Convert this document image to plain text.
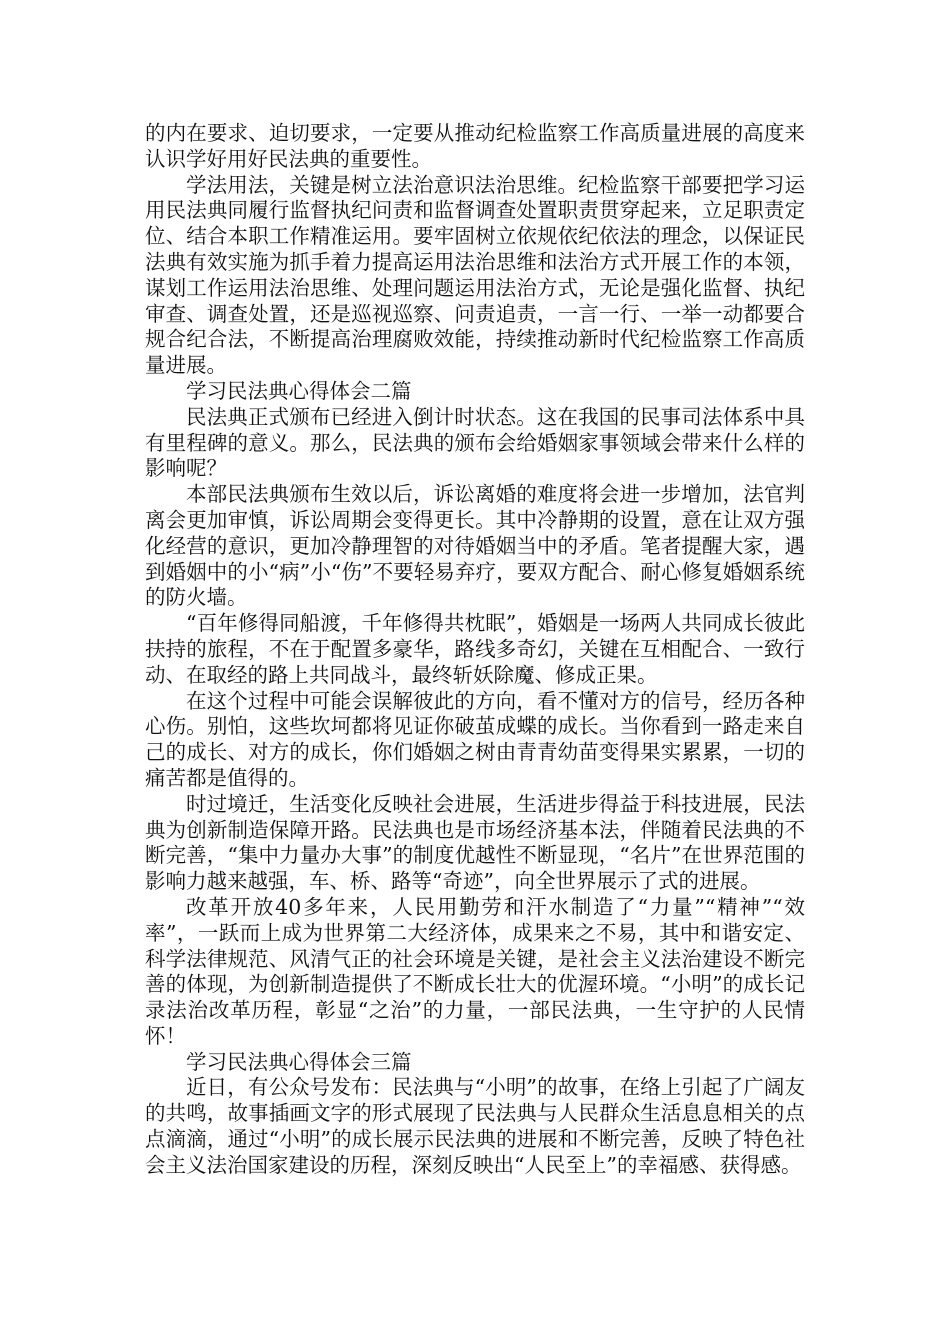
的内在要求、迫切要求，一定要从推动纪检监察工作高质量进展的高度来认识学好用好民法典的重要性。

学法用法，关键是树立法治意识法治思维。纪检监察干部要把学习运用民法典同履行监督执纪问责和监督调查处置职责贯穿起来，立足职责定位、结合本职工作精准运用。要牢固树立依规依纪依法的理念，以保证民法典有效实施为抓手着力提高运用法治思维和法治方式开展工作的本领，谋划工作运用法治思维、处理问题运用法治方式，无论是强化监督、执纪审查、调查处置，还是巡视巡察、问责追责，一言一行、一举一动都要合规合纪合法，不断提高治理腐败效能，持续推动新时代纪检监察工作高质量进展。

学习民法典心得体会二篇

民法典正式颁布已经进入倒计时状态。这在我国的民事司法体系中具有里程碑的意义。那么，民法典的颁布会给婚姻家事领域会带来什么样的影响呢？

本部民法典颁布生效以后，诉讼离婚的难度将会进一步增加，法官判离会更加审慎，诉讼周期会变得更长。其中冷静期的设置，意在让双方强化经营的意识，更加冷静理智的对待婚姻当中的矛盾。笔者提醒大家，遇到婚姻中的小“病”小“伤”不要轻易弃疗，要双方配合、耐心修复婚姻系统的防火墙。

“百年修得同船渡，千年修得共枕眠”，婚姻是一场两人共同成长彼此扶持的旅程，不在于配置多豪华，路线多奇幻，关键在互相配合、一致行动、在取经的路上共同战斗，最终斩妖除魔、修成正果。

在这个过程中可能会误解彼此的方向，看不懂对方的信号，经历各种心伤。别怕，这些坎坷都将见证你破茧成蝶的成长。当你看到一路走来自己的成长、对方的成长，你们婚姻之树由青青幼苗变得果实累累，一切的痛苦都是值得的。

时过境迁，生活变化反映社会进展，生活进步得益于科技进展，民法典为创新制造保障开路。民法典也是市场经济基本法，伴随着民法典的不断完善，“集中力量办大事”的制度优越性不断显现，“名片”在世界范围的影响力越来越强，车、桥、路等“奇迹”，向全世界展示了式的进展。

改革开放40多年来，人民用勤劳和汗水制造了“力量”“精神”“效率”，一跃而上成为世界第二大经济体，成果来之不易，其中和谐安定、科学法律规范、风清气正的社会环境是关键，是社会主义法治建设不断完善的体现，为创新制造提供了不断成长壮大的优渥环境。“小明”的成长记录法治改革历程，彰显“之治”的力量，一部民法典，一生守护的人民情怀！

学习民法典心得体会三篇

近日，有公众号发布：民法典与“小明”的故事，在络上引起了广阔友的共鸣，故事插画文字的形式展现了民法典与人民群众生活息息相关的点点滴滴，通过“小明”的成长展示民法典的进展和不断完善，反映了特色社会主义法治国家建设的历程，深刻反映出“人民至上”的幸福感、获得感。
